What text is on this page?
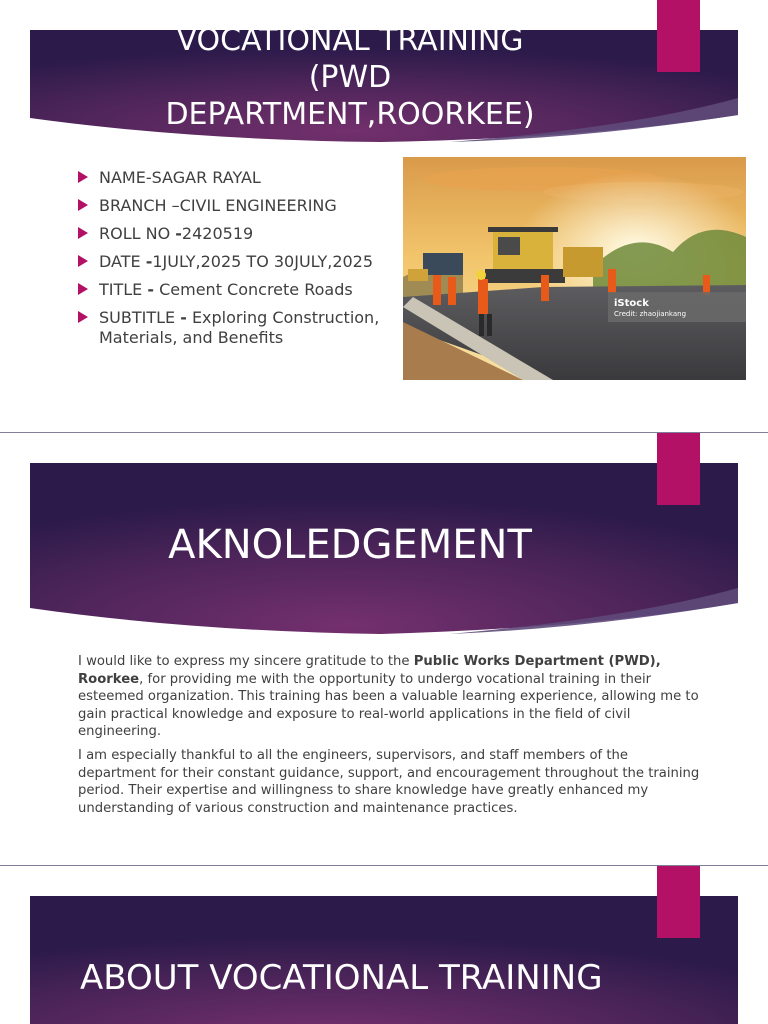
VOCATIONAL TRAINING
(PWD
DEPARTMENT,ROORKEE)
NAME-SAGAR RAYAL
BRANCH –CIVIL ENGINEERING
ROLL NO -2420519
DATE -1JULY,2025 TO 30JULY,2025
TITLE - Cement Concrete Roads
SUBTITLE - Exploring Construction, Materials, and Benefits
iStock
Credit: zhaojiankang
AKNOLEDGEMENT

I would like to express my sincere gratitude to the Public Works Department (PWD), Roorkee, for providing me with the opportunity to undergo vocational training in their esteemed organization. This training has been a valuable learning experience, allowing me to gain practical knowledge and exposure to real-world applications in the field of civil engineering.

I am especially thankful to all the engineers, supervisors, and staff members of the department for their constant guidance, support, and encouragement throughout the training period. Their expertise and willingness to share knowledge have greatly enhanced my understanding of various construction and maintenance practices.

ABOUT VOCATIONAL TRAINING
